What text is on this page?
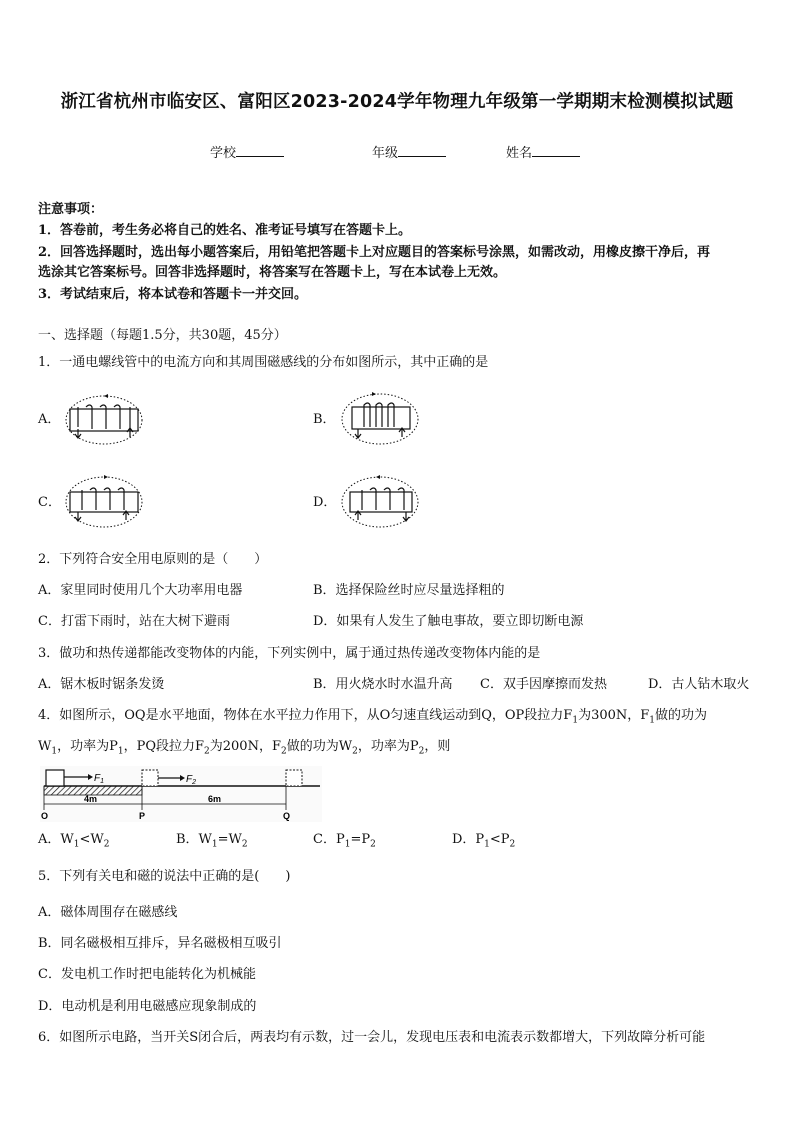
浙江省杭州市临安区、富阳区2023-2024学年物理九年级第一学期期末检测模拟试题
学校	年级	姓名
注意事项：
1．答卷前，考生务必将自己的姓名、准考证号填写在答题卡上。
2．回答选择题时，选出每小题答案后，用铅笔把答题卡上对应题目的答案标号涂黑，如需改动，用橡皮擦干净后，再
选涂其它答案标号。回答非选择题时，将答案写在答题卡上，写在本试卷上无效。
3．考试结束后，将本试卷和答题卡一并交回。
一、选择题（每题1.5分，共30题，45分）
1．一通电螺线管中的电流方向和其周围磁感线的分布如图所示，其中正确的是
A．	B．
C．	D．
2．下列符合安全用电原则的是（　　）
A．家里同时使用几个大功率用电器	B．选择保险丝时应尽量选择粗的
C．打雷下雨时，站在大树下避雨	D．如果有人发生了触电事故，要立即切断电源
3．做功和热传递都能改变物体的内能，下列实例中，属于通过热传递改变物体内能的是
A．锯木板时锯条发烫	B．用火烧水时水温升高 C．双手因摩擦而发热	D．古人钻木取火
4．如图所示，OQ是水平地面，物体在水平拉力作用下，从O匀速直线运动到Q，OP段拉力$F_1$为300N，$F_1$做的功为
$W_1$，功率为$P_1$，PQ段拉力$F_2$为200N，$F_2$做的功为$W_2$，功率为$P_2$，则
$F_1$	$F_2$
4m	6m
O	P	Q
A．$W_1<W_2$	B．$W_1=W_2$	C．$P_1=P_2$	D．$P_1<P_2$
5．下列有关电和磁的说法中正确的是(　　)
A．磁体周围存在磁感线
B．同名磁极相互排斥，异名磁极相互吸引
C．发电机工作时把电能转化为机械能
D．电动机是利用电磁感应现象制成的
6．如图所示电路，当开关S闭合后，两表均有示数，过一会儿，发现电压表和电流表示数都增大，下列故障分析可能
